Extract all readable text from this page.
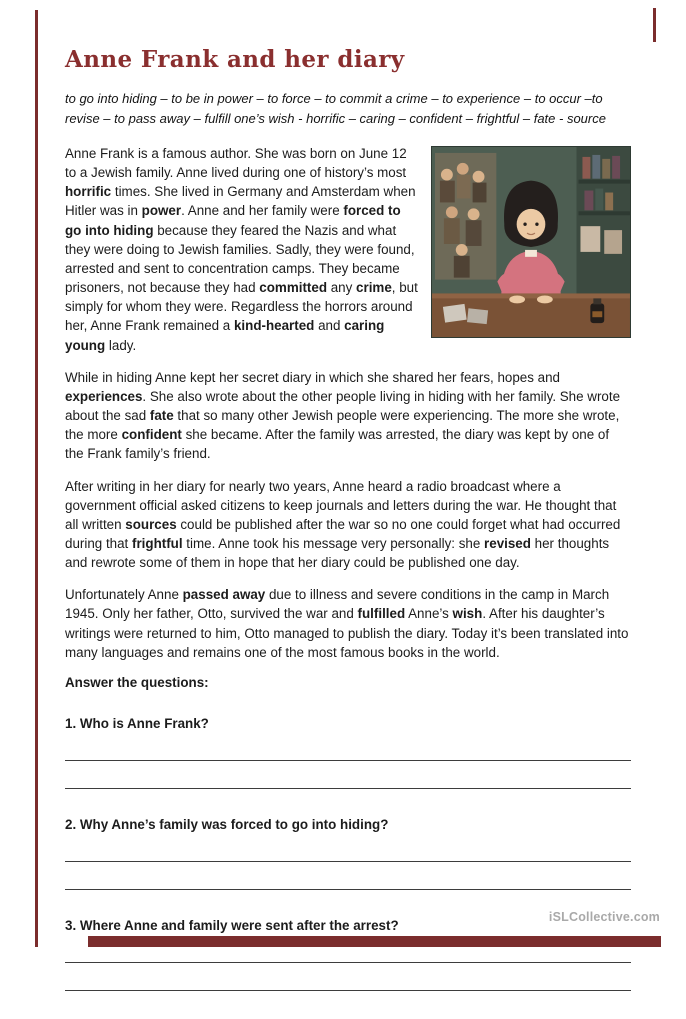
Anne Frank and her diary

to go into hiding – to be in power – to force – to commit a crime – to experience – to occur –to revise – to pass away – fulfill one’s wish - horrific – caring – confident – frightful – fate - source

Anne Frank is a famous author. She was born on June 12 to a Jewish family. Anne lived during one of history’s most horrific times. She lived in Germany and Amsterdam when Hitler was in power. Anne and her family were forced to go into hiding because they feared the Nazis and what they were doing to Jewish families. Sadly, they were found, arrested and sent to concentration camps. They became prisoners, not because they had committed any crime, but simply for whom they were. Regardless the horrors around her, Anne Frank remained a kind-hearted and caring young lady.

While in hiding Anne kept her secret diary in which she shared her fears, hopes and experiences. She also wrote about the other people living in hiding with her family. She wrote about the sad fate that so many other Jewish people were experiencing. The more she wrote, the more confident she became. After the family was arrested, the diary was kept by one of the Frank family’s friend.

After writing in her diary for nearly two years, Anne heard a radio broadcast where a government official asked citizens to keep journals and letters during the war. He thought that all written sources could be published after the war so no one could forget what had occurred during that frightful time. Anne took his message very personally: she revised her thoughts and rewrote some of them in hope that her diary could be published one day.

Unfortunately Anne passed away due to illness and severe conditions in the camp in March 1945. Only her father, Otto, survived the war and fulfilled Anne’s wish. After his daughter’s writings were returned to him, Otto managed to publish the diary. Today it’s been translated into many languages and remains one of the most famous books in the world.

Answer the questions:

1. Who is Anne Frank?

2. Why Anne’s family was forced to go into hiding?

3. Where Anne and family were sent after the arrest?

iSLCollective.com
